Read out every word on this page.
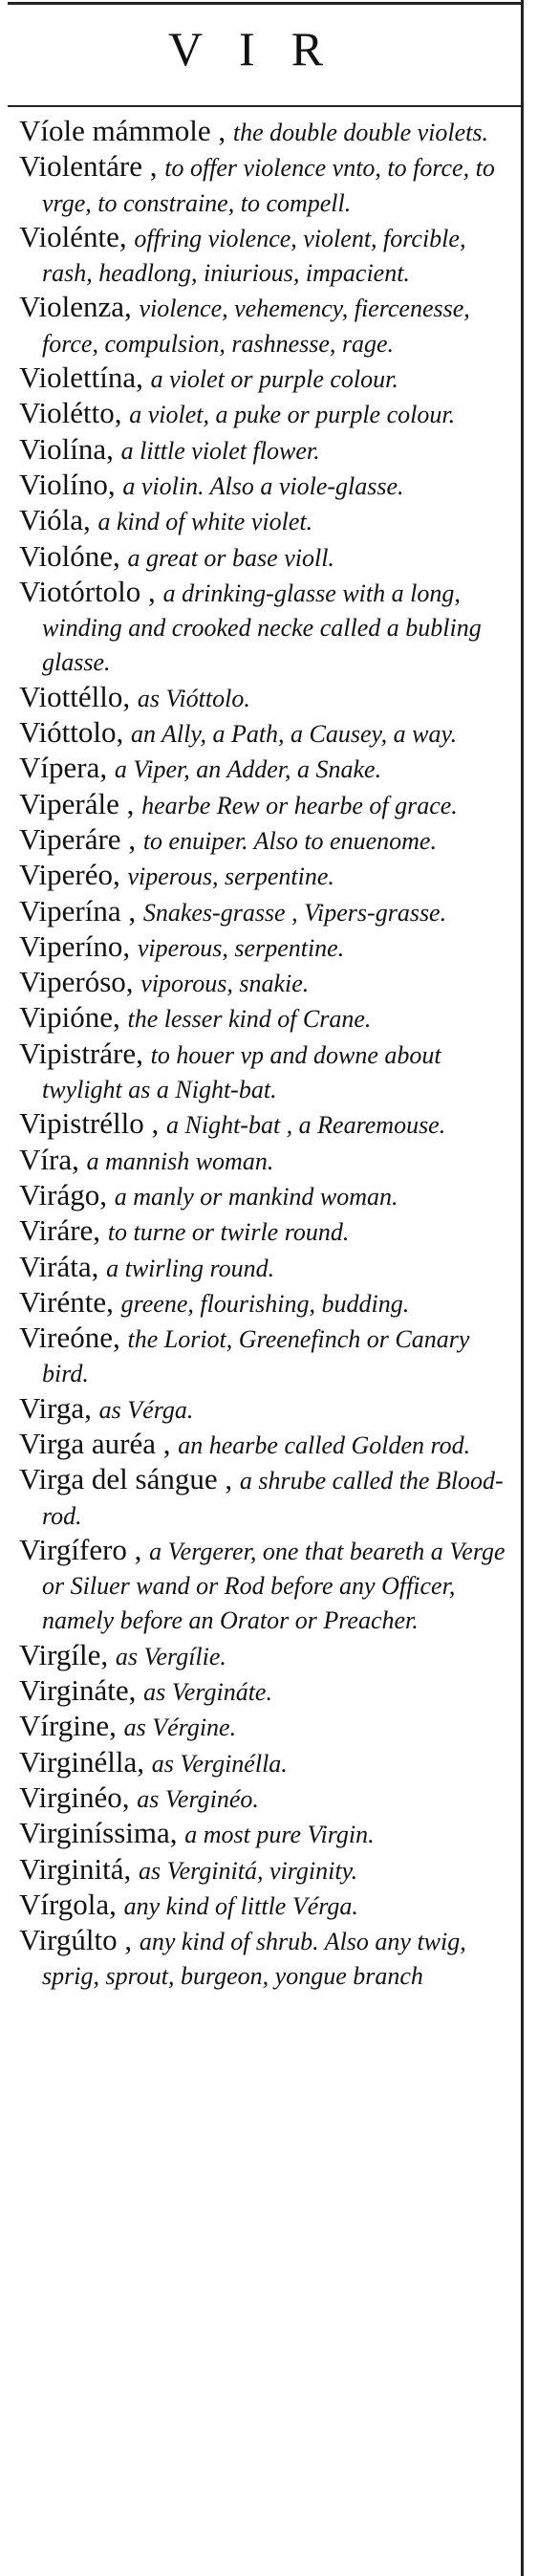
VIR
Víole mámmole , the double double violets.
Violentáre , to offer violence vnto, to force, to vrge, to constraine, to compell.
Violénte, offring violence, violent, forcible, rash, headlong, iniurious, impacient.
Violenza, violence, vehemency, fiercenesse, force, compulsion, rashnesse, rage.
Violettína, a violet or purple colour.
Violétto, a violet, a puke or purple colour.
Violína, a little violet flower.
Violíno, a violin. Also a viole-glasse.
Vióla, a kind of white violet.
Violóne, a great or base violl.
Viotórtolo , a drinking-glasse with a long, winding and crooked necke called a bubling glasse.
Viottéllo, as Vióttolo.
Vióttolo, an Ally, a Path, a Causey, a way.
Vípera, a Viper, an Adder, a Snake.
Viperále , hearbe Rew or hearbe of grace.
Viperáre , to enuiper. Also to enuenome.
Viperéo, viperous, serpentine.
Viperína , Snakes-grasse , Vipers-grasse.
Viperíno, viperous, serpentine.
Viperóso, viporous, snakie.
Vipióne, the lesser kind of Crane.
Vipistráre, to houer vp and downe about twylight as a Night-bat.
Vipistréllo , a Night-bat , a Rearemouse.
Víra, a mannish woman.
Virágo, a manly or mankind woman.
Viráre, to turne or twirle round.
Viráta, a twirling round.
Virénte, greene, flourishing, budding.
Vireóne, the Loriot, Greenefinch or Canary bird.
Virga, as Vérga.
Virga auréa , an hearbe called Golden rod.
Virga del sángue , a shrube called the Blood-rod.
Virgífero , a Vergerer, one that beareth a Verge or Siluer wand or Rod before any Officer, namely before an Orator or Preacher.
Virgíle, as Vergílie.
Virgináte, as Vergináte.
Vírgine, as Vérgine.
Virginélla, as Verginélla.
Virginéo, as Verginéo.
Virginíssima, a most pure Virgin.
Virginitá, as Verginitá, virginity.
Vírgola, any kind of little Vérga.
Virgúlto , any kind of shrub. Also any twig, sprig, sprout, burgeon, yongue branch
